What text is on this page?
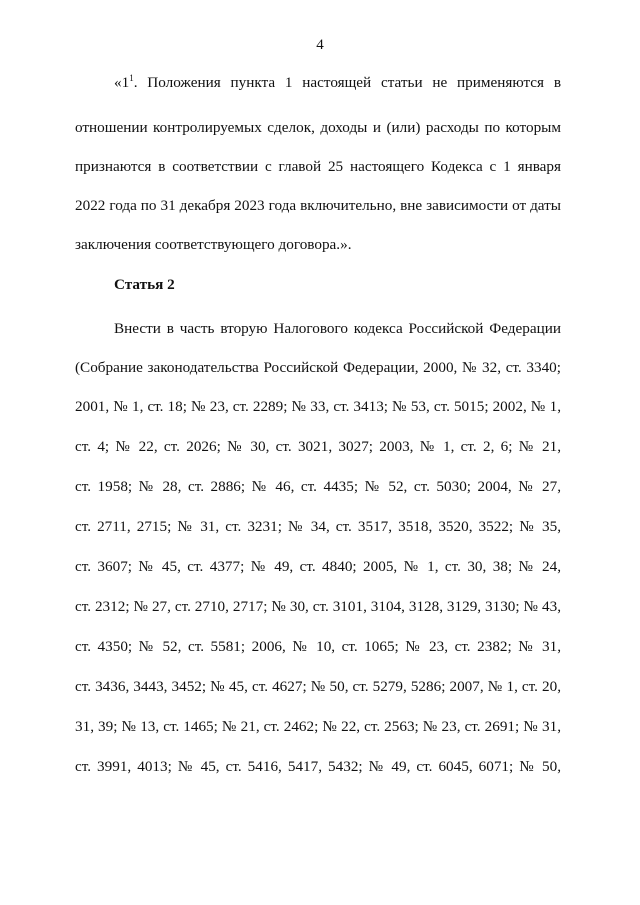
4
«$1^1$. Положения пункта 1 настоящей статьи не применяются в
отношении контролируемых сделок, доходы и (или) расходы по которым
признаются в соответствии с главой 25 настоящего Кодекса с 1 января
2022 года по 31 декабря 2023 года включительно, вне зависимости от даты
заключения соответствующего договора.».
Статья 2
Внести в часть вторую Налогового кодекса Российской Федерации
(Собрание законодательства Российской Федерации, 2000, № 32, ст. 3340;
2001, № 1, ст. 18; № 23, ст. 2289; № 33, ст. 3413; № 53, ст. 5015; 2002, № 1,
ст. 4; № 22, ст. 2026; № 30, ст. 3021, 3027; 2003, № 1, ст. 2, 6; № 21,
ст. 1958; № 28, ст. 2886; № 46, ст. 4435; № 52, ст. 5030; 2004, № 27,
ст. 2711, 2715; № 31, ст. 3231; № 34, ст. 3517, 3518, 3520, 3522; № 35,
ст. 3607; № 45, ст. 4377; № 49, ст. 4840; 2005, № 1, ст. 30, 38; № 24,
ст. 2312; № 27, ст. 2710, 2717; № 30, ст. 3101, 3104, 3128, 3129, 3130; № 43,
ст. 4350; № 52, ст. 5581; 2006, № 10, ст. 1065; № 23, ст. 2382; № 31,
ст. 3436, 3443, 3452; № 45, ст. 4627; № 50, ст. 5279, 5286; 2007, № 1, ст. 20,
31, 39; № 13, ст. 1465; № 21, ст. 2462; № 22, ст. 2563; № 23, ст. 2691; № 31,
ст. 3991, 4013; № 45, ст. 5416, 5417, 5432; № 49, ст. 6045, 6071; № 50,
